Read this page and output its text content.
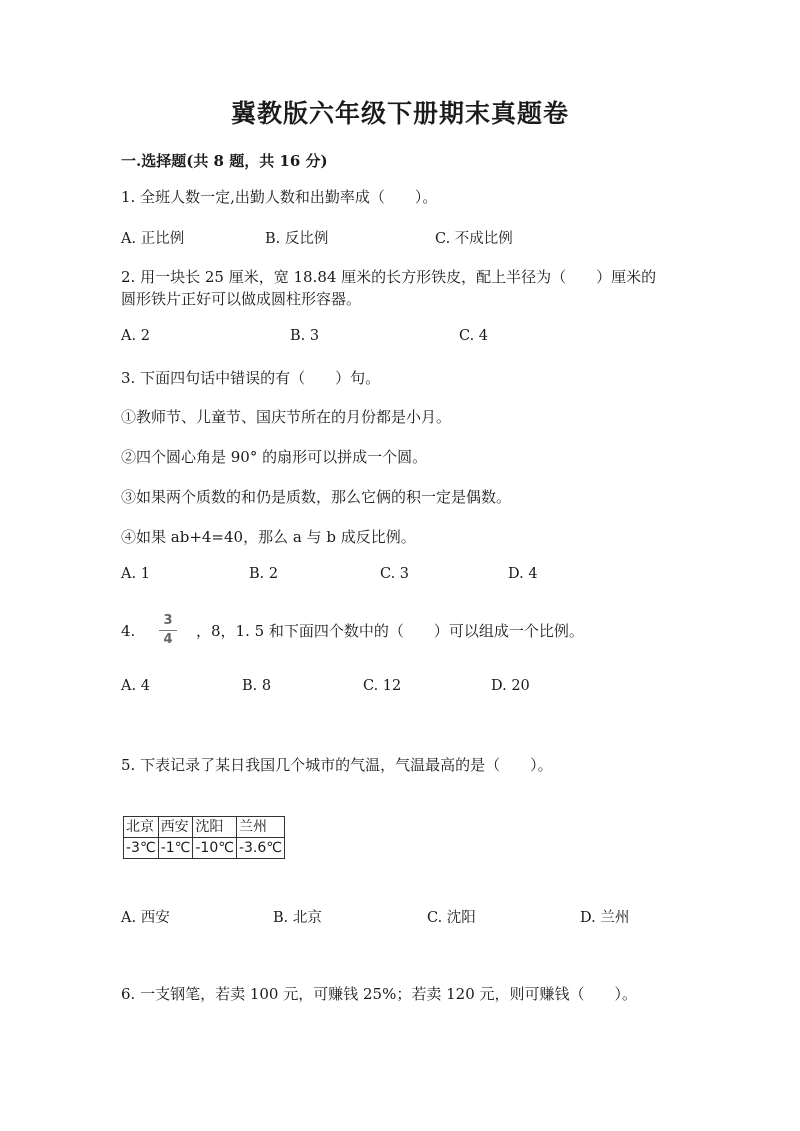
冀教版六年级下册期末真题卷
一.选择题(共 8 题，共 16 分)
1. 全班人数一定,出勤人数和出勤率成（　　）。
A. 正比例	B. 反比例	C. 不成比例
2. 用一块长 25 厘米，宽 18.84 厘米的长方形铁皮，配上半径为（　　）厘米的
圆形铁片正好可以做成圆柱形容器。
A. 2	B. 3	C. 4
3. 下面四句话中错误的有（　　）句。
①教师节、儿童节、国庆节所在的月份都是小月。
②四个圆心角是 90° 的扇形可以拼成一个圆。
③如果两个质数的和仍是质数，那么它俩的积一定是偶数。
④如果 ab+4=40，那么 a 与 b 成反比例。
A. 1	B. 2	C. 3	D. 4
4.
3
4	，8，1. 5 和下面四个数中的（　　）可以组成一个比例。
A. 4	B. 8	C. 12	D. 20
5. 下表记录了某日我国几个城市的气温，气温最高的是（　　）。
北京	西安	沈阳	兰州
-3℃	-1℃	-10℃	-3.6℃
A. 西安	B. 北京	C. 沈阳	D. 兰州
6. 一支钢笔，若卖 100 元，可赚钱 25%；若卖 120 元，则可赚钱（　　）。
